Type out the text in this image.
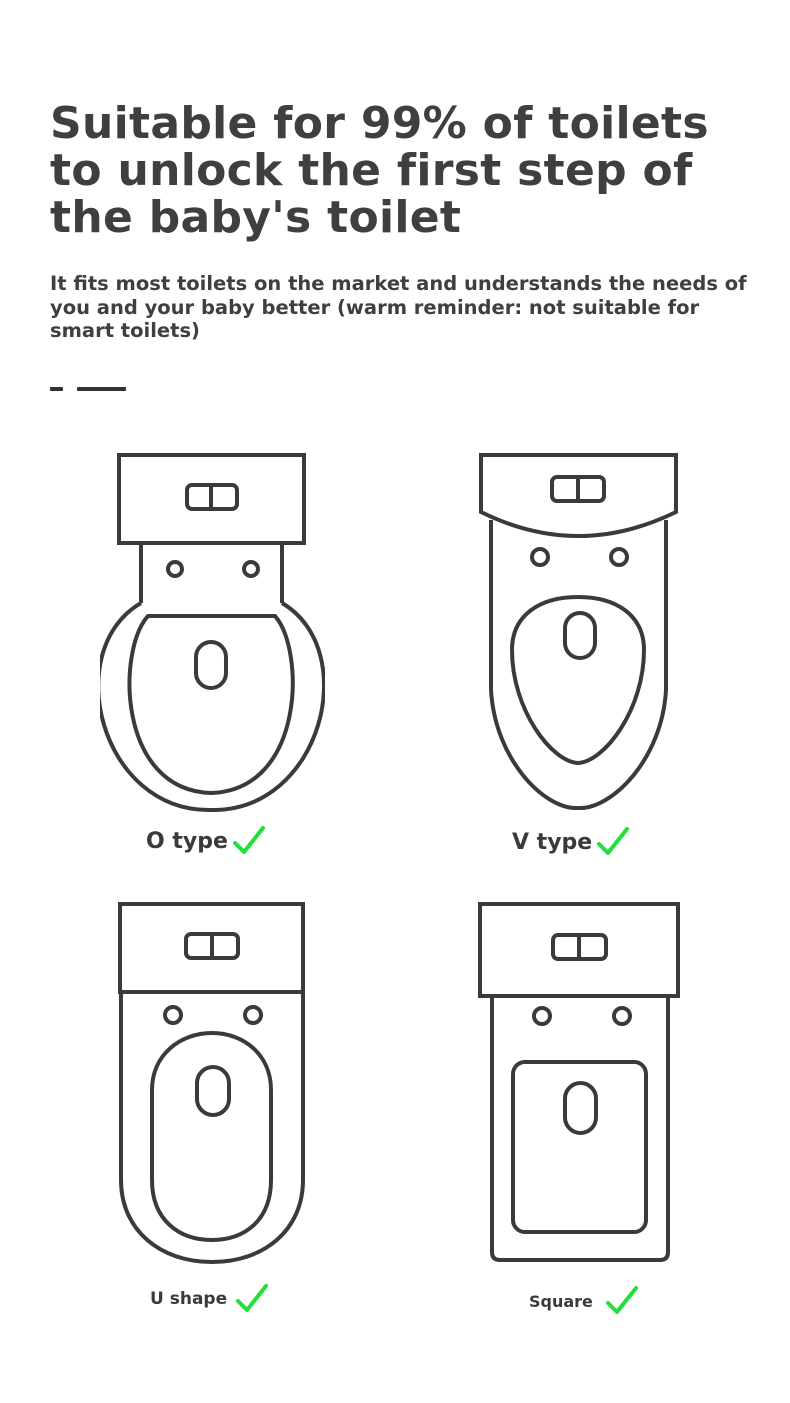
Suitable for 99% of toilets to unlock the first step of the baby's toilet

It fits most toilets on the market and understands the needs of you and your baby better (warm reminder: not suitable for smart toilets)

O type	V type
U shape	Square
